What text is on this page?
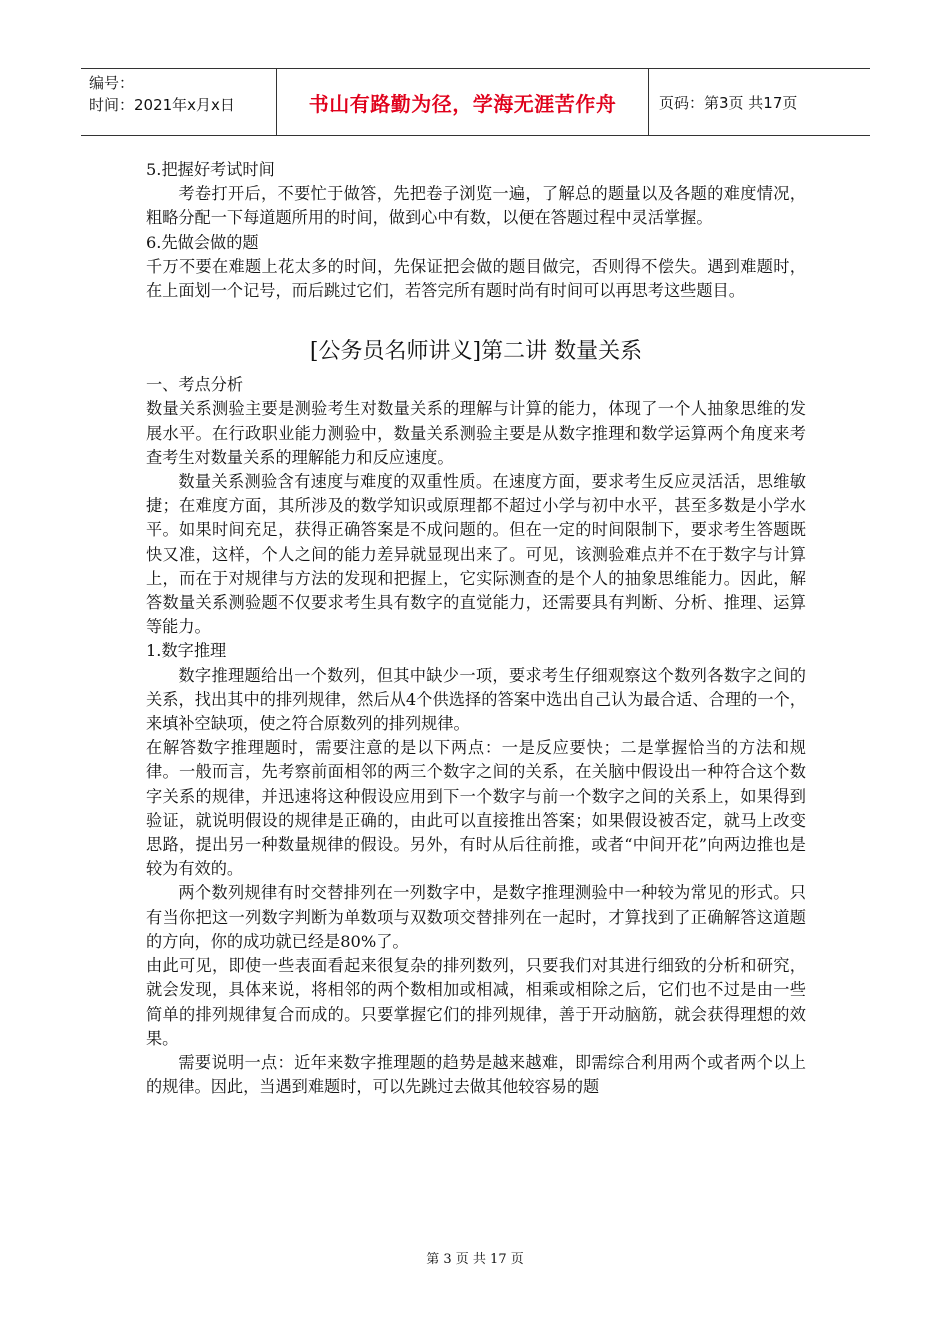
编号：
时间：2021年x月x日	书山有路勤为径，学海无涯苦作舟	页码：第3页 共17页

5.把握好考试时间

考卷打开后，不要忙于做答，先把卷子浏览一遍，了解总的题量以及各题的难度情况，粗略分配一下每道题所用的时间，做到心中有数，以便在答题过程中灵活掌握。

6.先做会做的题

千万不要在难题上花太多的时间，先保证把会做的题目做完，否则得不偿失。遇到难题时，在上面划一个记号，而后跳过它们，若答完所有题时尚有时间可以再思考这些题目。

[公务员名师讲义]第二讲 数量关系

一、考点分析

数量关系测验主要是测验考生对数量关系的理解与计算的能力，体现了一个人抽象思维的发展水平。在行政职业能力测验中，数量关系测验主要是从数字推理和数学运算两个角度来考查考生对数量关系的理解能力和反应速度。

数量关系测验含有速度与难度的双重性质。在速度方面，要求考生反应灵活活，思维敏捷；在难度方面，其所涉及的数学知识或原理都不超过小学与初中水平，甚至多数是小学水平。如果时间充足，获得正确答案是不成问题的。但在一定的时间限制下，要求考生答题既快又准，这样，个人之间的能力差异就显现出来了。可见，该测验难点并不在于数字与计算上，而在于对规律与方法的发现和把握上，它实际测查的是个人的抽象思维能力。因此，解答数量关系测验题不仅要求考生具有数字的直觉能力，还需要具有判断、分析、推理、运算等能力。

1.数字推理

数字推理题给出一个数列，但其中缺少一项，要求考生仔细观察这个数列各数字之间的关系，找出其中的排列规律，然后从4个供选择的答案中选出自己认为最合适、合理的一个，来填补空缺项，使之符合原数列的排列规律。

在解答数字推理题时，需要注意的是以下两点：一是反应要快；二是掌握恰当的方法和规律。一般而言，先考察前面相邻的两三个数字之间的关系，在关脑中假设出一种符合这个数字关系的规律，并迅速将这种假设应用到下一个数字与前一个数字之间的关系上，如果得到验证，就说明假设的规律是正确的，由此可以直接推出答案；如果假设被否定，就马上改变思路，提出另一种数量规律的假设。另外，有时从后往前推，或者“中间开花”向两边推也是较为有效的。

两个数列规律有时交替排列在一列数字中，是数字推理测验中一种较为常见的形式。只有当你把这一列数字判断为单数项与双数项交替排列在一起时，才算找到了正确解答这道题的方向，你的成功就已经是80%了。

由此可见，即使一些表面看起来很复杂的排列数列，只要我们对其进行细致的分析和研究，就会发现，具体来说，将相邻的两个数相加或相减，相乘或相除之后，它们也不过是由一些简单的排列规律复合而成的。只要掌握它们的排列规律，善于开动脑筋，就会获得理想的效果。

需要说明一点：近年来数字推理题的趋势是越来越难，即需综合利用两个或者两个以上的规律。因此，当遇到难题时，可以先跳过去做其他较容易的题

第 3 页 共 17 页
